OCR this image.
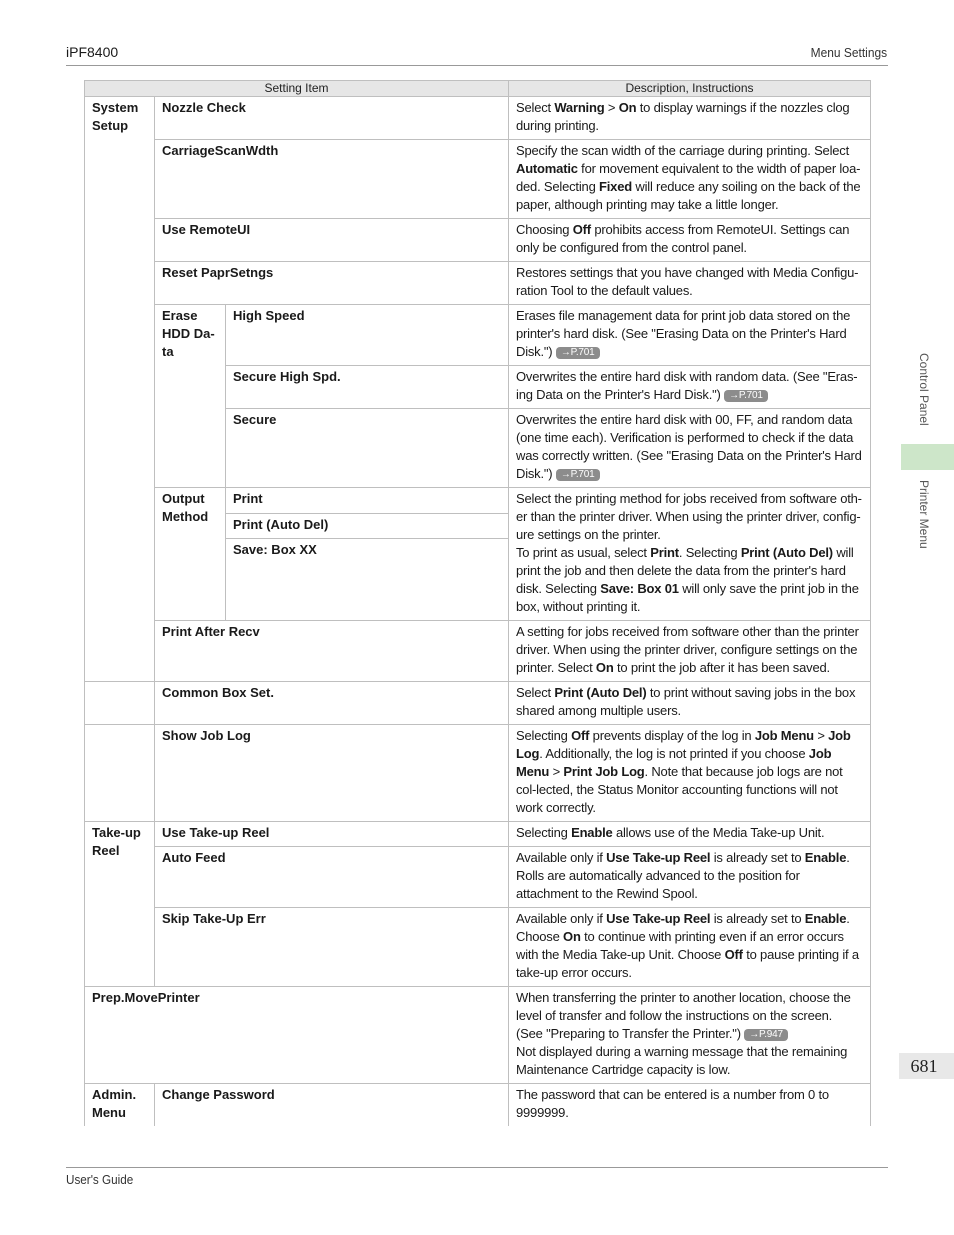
iPF8400	Menu Settings
Control Panel
Printer Menu
681
Setting Item			Description, Instructions
System Setup	Nozzle Check		Select Warning > On to display warnings if the nozzles clog during printing.
	CarriageScanWdth		Specify the scan width of the carriage during printing. Select Automatic for movement equivalent to the width of paper loa-ded. Selecting Fixed will reduce any soiling on the back of the paper, although printing may take a little longer.
	Use RemoteUI		Choosing Off prohibits access from RemoteUI. Settings can only be configured from the control panel.
	Reset PaprSetngs		Restores settings that you have changed with Media Configu-ration Tool to the default values.
	Erase HDD Da-ta	High Speed	Erases file management data for print job data stored on the printer's hard disk. (See "Erasing Data on the Printer's Hard Disk.") →P.701
		Secure High Spd.	Overwrites the entire hard disk with random data. (See "Eras-ing Data on the Printer's Hard Disk.") →P.701
		Secure	Overwrites the entire hard disk with 00, FF, and random data (one time each). Verification is performed to check if the data was correctly written. (See "Erasing Data on the Printer's Hard Disk.") →P.701
	Output Method	Print	Select the printing method for jobs received from software oth-er than the printer driver. When using the printer driver, config-ure settings on the printer.
To print as usual, select Print. Selecting Print (Auto Del) will print the job and then delete the data from the printer's hard disk. Selecting Save: Box 01 will only save the print job in the box, without printing it.
		Print (Auto Del)	
		Save: Box XX	
	Print After Recv		A setting for jobs received from software other than the printer driver. When using the printer driver, configure settings on the printer. Select On to print the job after it has been saved.
	Common Box Set.		Select Print (Auto Del) to print without saving jobs in the box shared among multiple users.
	Show Job Log		Selecting Off prevents display of the log in Job Menu > Job Log. Additionally, the log is not printed if you choose Job Menu > Print Job Log. Note that because job logs are not col-lected, the Status Monitor accounting functions will not work correctly.
Take-up Reel	Use Take-up Reel		Selecting Enable allows use of the Media Take-up Unit.
	Auto Feed		Available only if Use Take-up Reel is already set to Enable. Rolls are automatically advanced to the position for attachment to the Rewind Spool.
	Skip Take-Up Err		Available only if Use Take-up Reel is already set to Enable. Choose On to continue with printing even if an error occurs with the Media Take-up Unit. Choose Off to pause printing if a take-up error occurs.
Prep.MovePrinter			When transferring the printer to another location, choose the level of transfer and follow the instructions on the screen. (See "Preparing to Transfer the Printer.") →P.947
Not displayed during a warning message that the remaining Maintenance Cartridge capacity is low.
Admin. Menu	Change Password		The password that can be entered is a number from 0 to 9999999.
User's Guide
